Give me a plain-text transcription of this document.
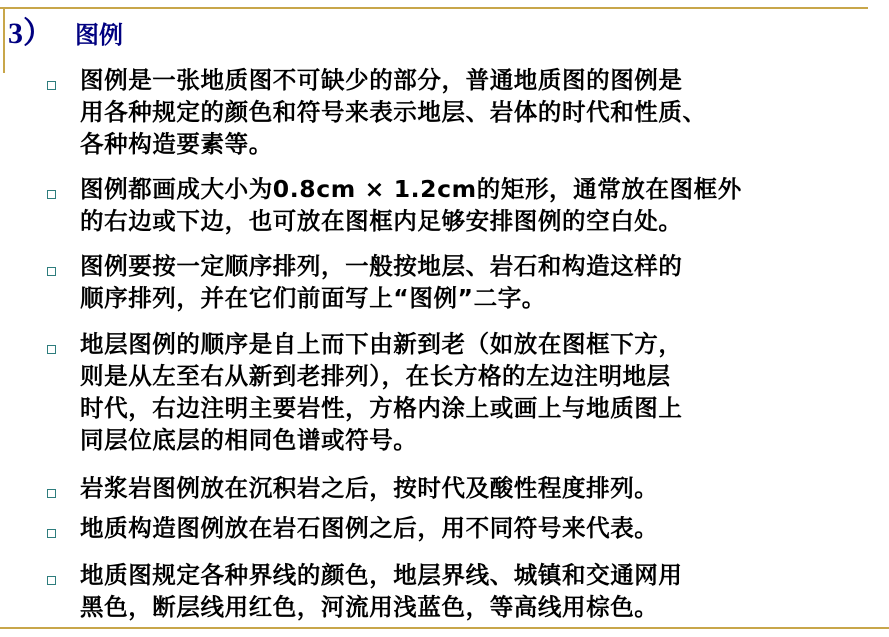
3） 图例
图例是一张地质图不可缺少的部分，普通地质图的图例是
用各种规定的颜色和符号来表示地层、岩体的时代和性质、
各种构造要素等。
图例都画成大小为0.8cm × 1.2cm的矩形，通常放在图框外
的右边或下边，也可放在图框内足够安排图例的空白处。
图例要按一定顺序排列，一般按地层、岩石和构造这样的
顺序排列，并在它们前面写上“图例”二字。
地层图例的顺序是自上而下由新到老（如放在图框下方，
则是从左至右从新到老排列），在长方格的左边注明地层
时代，右边注明主要岩性，方格内涂上或画上与地质图上
同层位底层的相同色谱或符号。
岩浆岩图例放在沉积岩之后，按时代及酸性程度排列。
地质构造图例放在岩石图例之后，用不同符号来代表。
地质图规定各种界线的颜色，地层界线、城镇和交通网用
黑色，断层线用红色，河流用浅蓝色，等高线用棕色。
